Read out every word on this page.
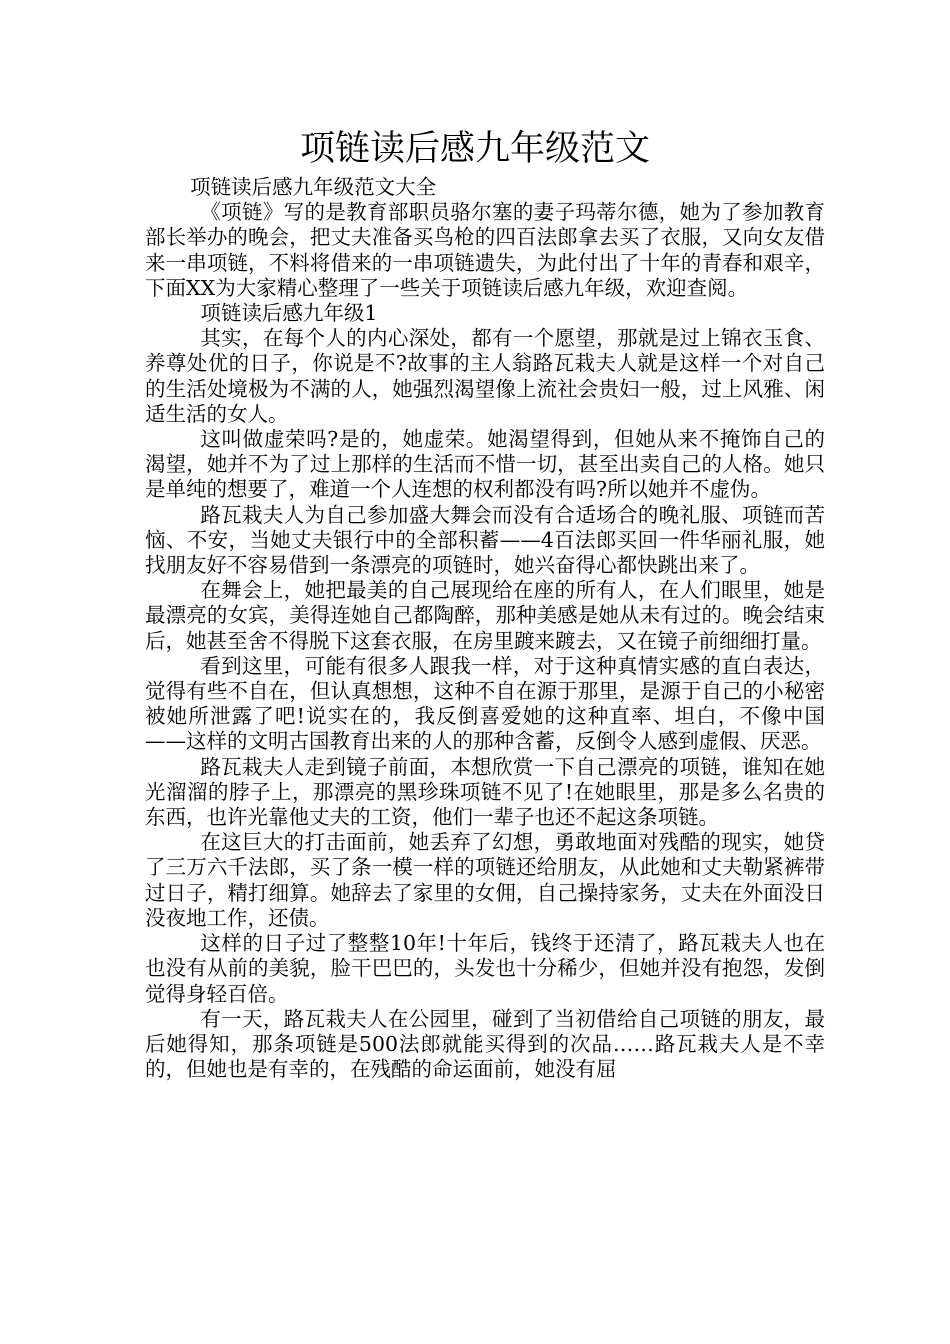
项链读后感九年级范文

项链读后感九年级范文大全

《项链》写的是教育部职员骆尔塞的妻子玛蒂尔德，她为了参加教育部长举办的晚会，把丈夫准备买鸟枪的四百法郎拿去买了衣服，又向女友借来一串项链，不料将借来的一串项链遗失，为此付出了十年的青春和艰辛，下面XX为大家精心整理了一些关于项链读后感九年级，欢迎查阅。

项链读后感九年级1

其实，在每个人的内心深处，都有一个愿望，那就是过上锦衣玉食、养尊处优的日子，你说是不?故事的主人翁路瓦栽夫人就是这样一个对自己的生活处境极为不满的人，她强烈渴望像上流社会贵妇一般，过上风雅、闲适生活的女人。

这叫做虚荣吗?是的，她虚荣。她渴望得到，但她从来不掩饰自己的渴望，她并不为了过上那样的生活而不惜一切，甚至出卖自己的人格。她只是单纯的想要了，难道一个人连想的权利都没有吗?所以她并不虚伪。

路瓦栽夫人为自己参加盛大舞会而没有合适场合的晚礼服、项链而苦恼、不安，当她丈夫银行中的全部积蓄——4百法郎买回一件华丽礼服，她找朋友好不容易借到一条漂亮的项链时，她兴奋得心都快跳出来了。

在舞会上，她把最美的自己展现给在座的所有人，在人们眼里，她是最漂亮的女宾，美得连她自己都陶醉，那种美感是她从未有过的。晚会结束后，她甚至舍不得脱下这套衣服，在房里踱来踱去，又在镜子前细细打量。

看到这里，可能有很多人跟我一样，对于这种真情实感的直白表达，觉得有些不自在，但认真想想，这种不自在源于那里，是源于自己的小秘密被她所泄露了吧!说实在的，我反倒喜爱她的这种直率、坦白，不像中国 ——这样的文明古国教育出来的人的那种含蓄，反倒令人感到虚假、厌恶。

路瓦栽夫人走到镜子前面，本想欣赏一下自己漂亮的项链，谁知在她光溜溜的脖子上，那漂亮的黑珍珠项链不见了!在她眼里，那是多么名贵的东西，也许光靠他丈夫的工资，他们一辈子也还不起这条项链。

在这巨大的打击面前，她丢弃了幻想，勇敢地面对残酷的现实，她贷了三万六千法郎，买了条一模一样的项链还给朋友，从此她和丈夫勒紧裤带过日子，精打细算。她辞去了家里的女佣，自己操持家务，丈夫在外面没日没夜地工作，还债。

这样的日子过了整整10年!十年后，钱终于还清了，路瓦栽夫人也在也没有从前的美貌，脸干巴巴的，头发也十分稀少，但她并没有抱怨，发倒觉得身轻百倍。

有一天，路瓦栽夫人在公园里，碰到了当初借给自己项链的朋友，最后她得知，那条项链是500法郎就能买得到的次品……路瓦栽夫人是不幸的，但她也是有幸的，在残酷的命运面前，她没有屈
